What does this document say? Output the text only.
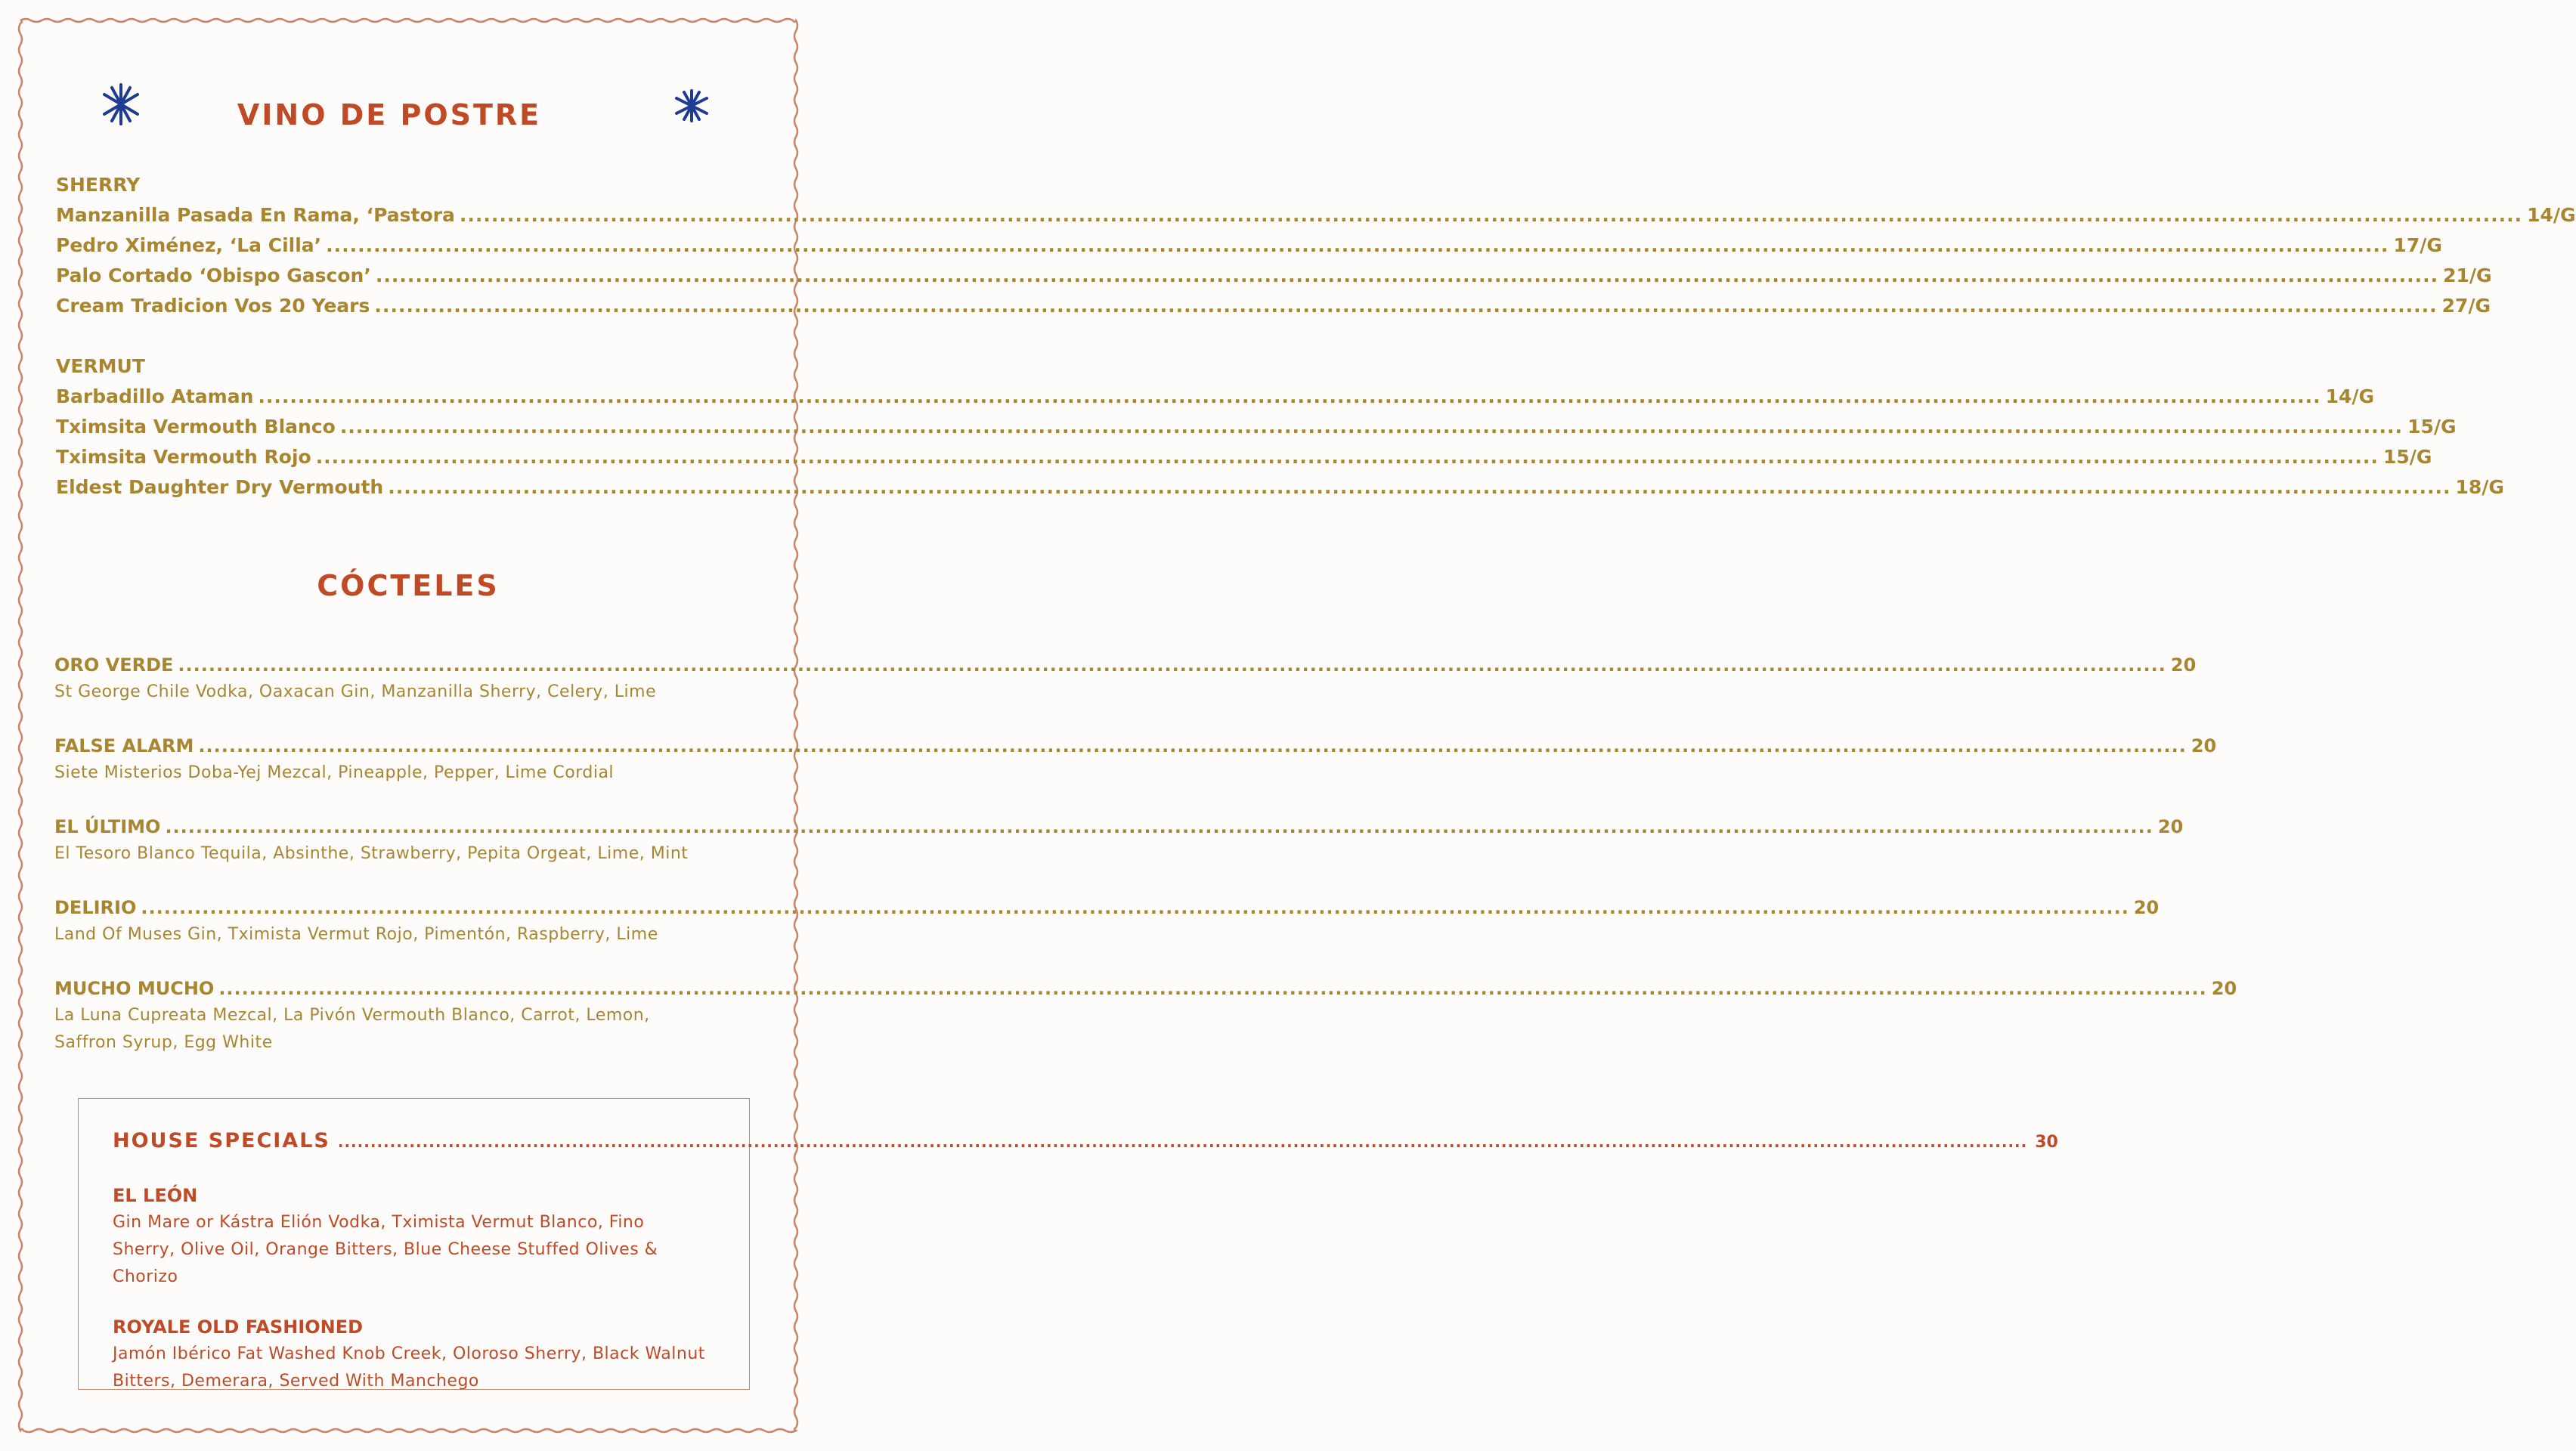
VINO DE POSTRE
SHERRY
Manzanilla Pasada En Rama, ‘Pastora .................................................................................................................................................................................................................................................................... 14/G
Pedro Ximénez, ‘La Cilla’ .................................................................................................................................................................................................................................................................... 17/G
Palo Cortado ‘Obispo Gascon’ .................................................................................................................................................................................................................................................................... 21/G
Cream Tradicion Vos 20 Years .................................................................................................................................................................................................................................................................... 27/G
VERMUT
Barbadillo Ataman .................................................................................................................................................................................................................................................................... 14/G
Tximsita Vermouth Blanco .................................................................................................................................................................................................................................................................... 15/G
Tximsita Vermouth Rojo .................................................................................................................................................................................................................................................................... 15/G
Eldest Daughter Dry Vermouth .................................................................................................................................................................................................................................................................... 18/G
CÓCTELES
ORO VERDE .................................................................................................................................................................................................................................................................... 20
St George Chile Vodka, Oaxacan Gin, Manzanilla Sherry, Celery, Lime
FALSE ALARM .................................................................................................................................................................................................................................................................... 20
Siete Misterios Doba-Yej Mezcal, Pineapple, Pepper, Lime Cordial
EL ÚLTIMO .................................................................................................................................................................................................................................................................... 20
El Tesoro Blanco Tequila, Absinthe, Strawberry, Pepita Orgeat, Lime, Mint
DELIRIO .................................................................................................................................................................................................................................................................... 20
Land Of Muses Gin, Tximista Vermut Rojo, Pimentón, Raspberry, Lime
MUCHO MUCHO .................................................................................................................................................................................................................................................................... 20
La Luna Cupreata Mezcal, La Pivón Vermouth Blanco, Carrot, Lemon, Saffron Syrup, Egg White
HOUSE SPECIALS .................................................................................................................................................................................................................................................................... 30
EL LEÓN
Gin Mare or Kástra Elión Vodka, Tximista Vermut Blanco, Fino Sherry, Olive Oil, Orange Bitters, Blue Cheese Stuffed Olives & Chorizo
ROYALE OLD FASHIONED
Jamón Ibérico Fat Washed Knob Creek, Oloroso Sherry, Black Walnut Bitters, Demerara, Served With Manchego
